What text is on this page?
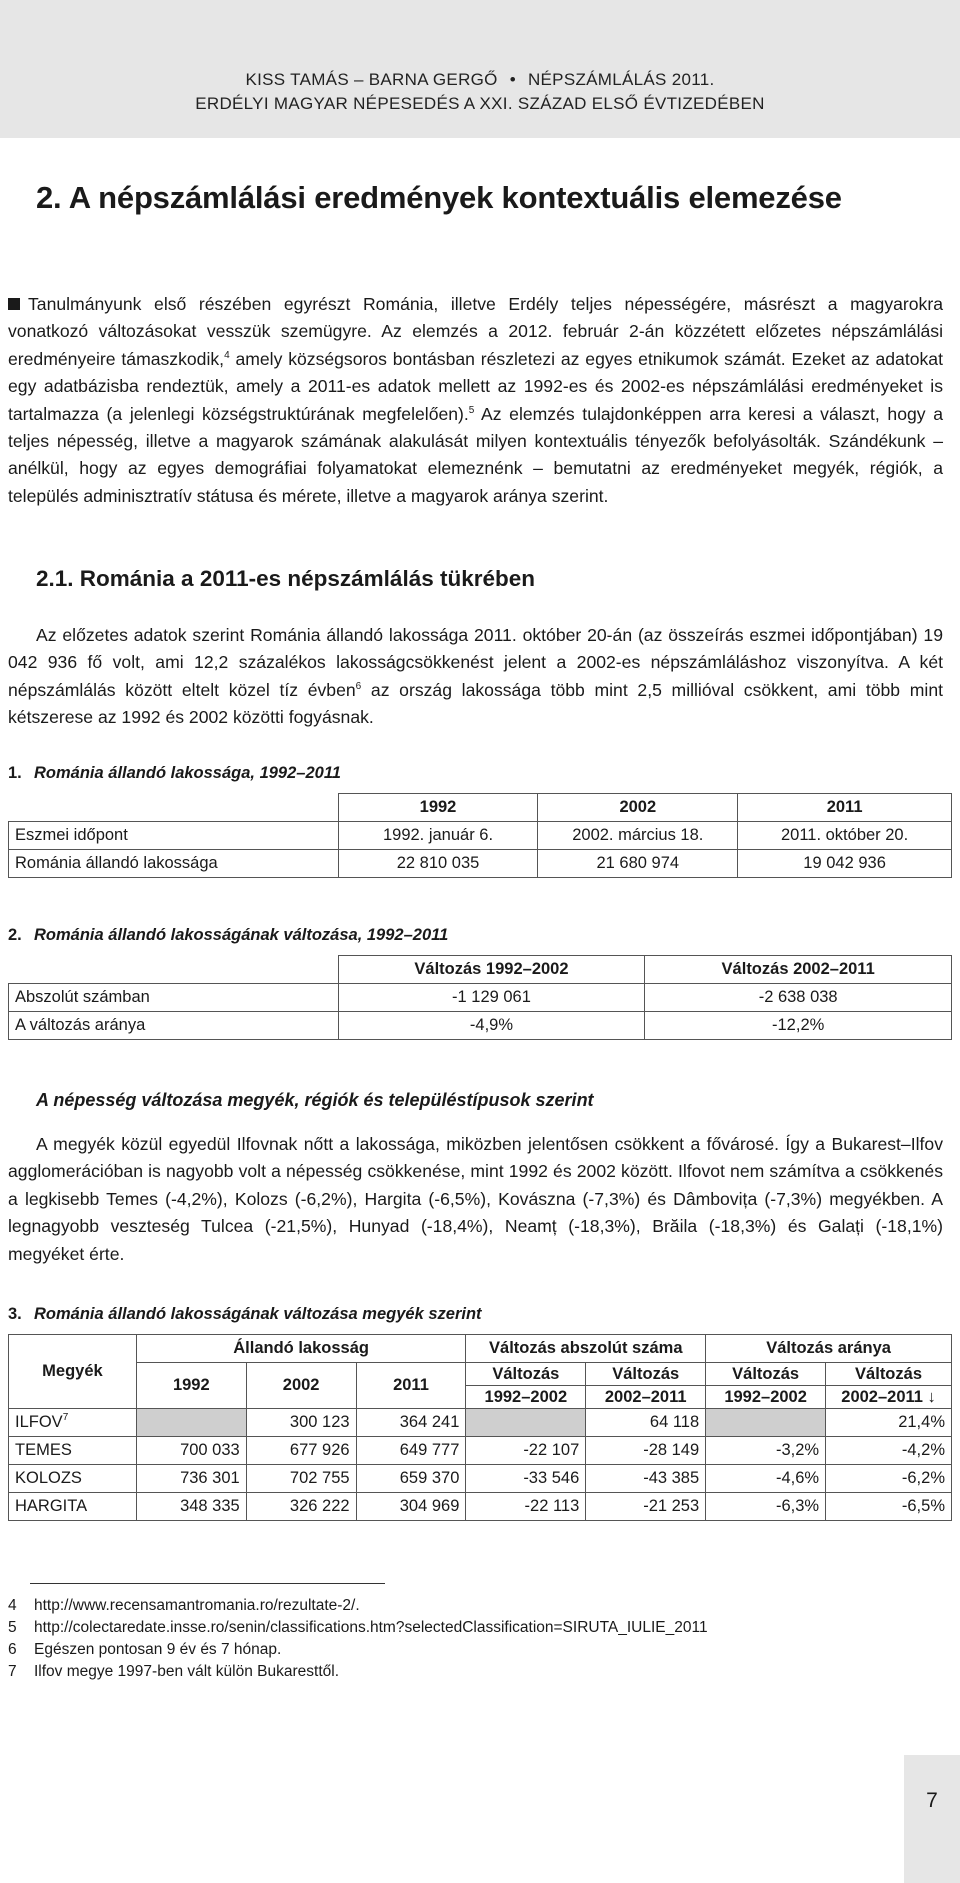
KISS TAMÁS – BARNA GERGŐ • NÉPSZÁMLÁLÁS 2011.
ERDÉLYI MAGYAR NÉPESEDÉS A XXI. SZÁZAD ELSŐ ÉVTIZEDÉBEN
2. A népszámlálási eredmények kontextuális elemezése

Tanulmányunk első részében egyrészt Románia, illetve Erdély teljes népességére, másrészt a magyarokra vonatkozó változásokat vesszük szemügyre. Az elemzés a 2012. február 2-án közzétett előzetes népszámlálási eredményeire támaszkodik,$^4$ amely községsoros bontásban részletezi az egyes etnikumok számát. Ezeket az adatokat egy adatbázisba rendeztük, amely a 2011-es adatok mellett az 1992-es és 2002-es népszámlálási eredményeket is tartalmazza (a jelenlegi községstruktúrának megfelelően).$^5$ Az elemzés tulajdonképpen arra keresi a választ, hogy a teljes népesség, illetve a magyarok számának alakulását milyen kontextuális tényezők befolyásolták. Szándékunk – anélkül, hogy az egyes demográfiai folyamatokat elemeznénk – bemutatni az eredményeket megyék, régiók, a település adminisztratív státusa és mérete, illetve a magyarok aránya szerint.

2.1. Románia a 2011-es népszámlálás tükrében

Az előzetes adatok szerint Románia állandó lakossága 2011. október 20-án (az összeírás eszmei időpontjában) 19 042 936 fő volt, ami 12,2 százalékos lakosságcsökkenést jelent a 2002-es népszámláláshoz viszonyítva. A két népszámlálás között eltelt közel tíz évben$^6$ az ország lakossága több mint 2,5 millióval csökkent, ami több mint kétszerese az 1992 és 2002 közötti fogyásnak.

1. Románia állandó lakossága, 1992–2011
	1992	2002	2011
Eszmei időpont	1992. január 6.	2002. március 18.	2011. október 20.
Románia állandó lakossága	22 810 035	21 680 974	19 042 936
2. Románia állandó lakosságának változása, 1992–2011
	Változás 1992–2002	Változás 2002–2011
Abszolút számban	-1 129 061	-2 638 038
A változás aránya	-4,9%	-12,2%
A népesség változása megyék, régiók és településtípusok szerint

A megyék közül egyedül Ilfovnak nőtt a lakossága, miközben jelentősen csökkent a fővárosé. Így a Bukarest–Ilfov agglomerációban is nagyobb volt a népesség csökkenése, mint 1992 és 2002 között. Ilfovot nem számítva a csökkenés a legkisebb Temes (-4,2%), Kolozs (-6,2%), Hargita (-6,5%), Kovászna (-7,3%) és Dâmbovița (-7,3%) megyékben. A legnagyobb veszteség Tulcea (-21,5%), Hunyad (-18,4%), Neamț (-18,3%), Brăila (-18,3%) és Galați (-18,1%) megyéket érte.

3. Románia állandó lakosságának változása megyék szerint
Megyék	Állandó lakosság			Változás abszolút száma		Változás aránya	
	1992	2002	2011	Változás	Változás	Változás	Változás
				1992–2002	2002–2011	1992–2002	2002–2011 ↓
ILFOV$^7$		300 123	364 241		64 118		21,4%
TEMES	700 033	677 926	649 777	-22 107	-28 149	-3,2%	-4,2%
KOLOZS	736 301	702 755	659 370	-33 546	-43 385	-4,6%	-6,2%
HARGITA	348 335	326 222	304 969	-22 113	-21 253	-6,3%	-6,5%
4	http://www.recensamantromania.ro/rezultate-2/.
5	http://colectaredate.insse.ro/senin/classifications.htm?selectedClassification=SIRUTA_IULIE_2011
6	Egészen pontosan 9 év és 7 hónap.
7	Ilfov megye 1997-ben vált külön Bukaresttől.
7
